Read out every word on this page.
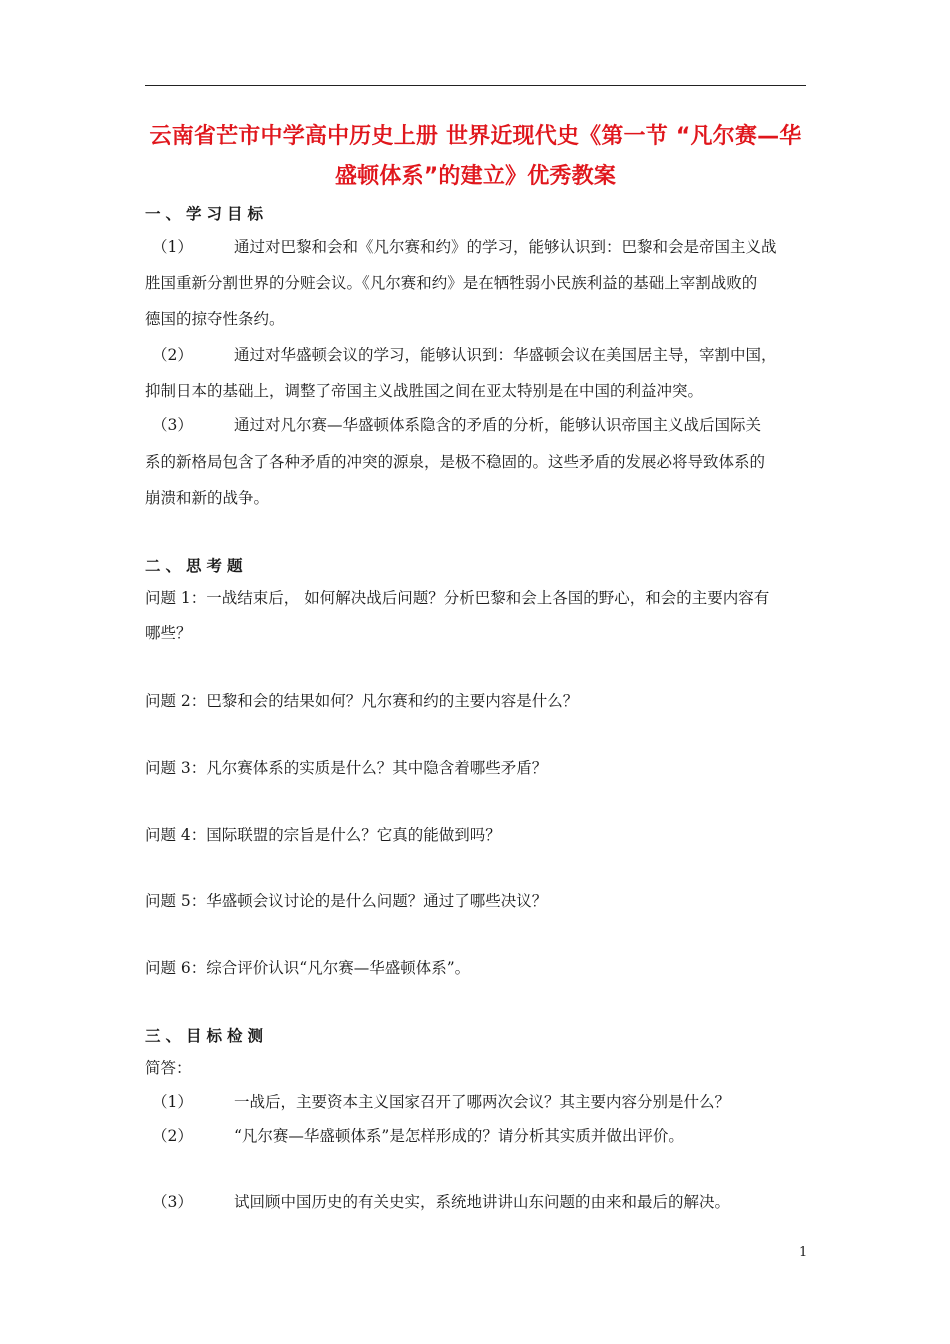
云南省芒市中学高中历史上册 世界近现代史《第一节 “凡尔赛—华
盛顿体系”的建立》优秀教案
一、学习目标
（1）	通过对巴黎和会和《凡尔赛和约》的学习，能够认识到：巴黎和会是帝国主义战
胜国重新分割世界的分赃会议。《凡尔赛和约》是在牺牲弱小民族利益的基础上宰割战败的
德国的掠夺性条约。
（2）	通过对华盛顿会议的学习，能够认识到：华盛顿会议在美国居主导，宰割中国，
抑制日本的基础上，调整了帝国主义战胜国之间在亚太特别是在中国的利益冲突。
（3）	通过对凡尔赛—华盛顿体系隐含的矛盾的分析，能够认识帝国主义战后国际关
系的新格局包含了各种矛盾的冲突的源泉，是极不稳固的。这些矛盾的发展必将导致体系的
崩溃和新的战争。
二、思考题
问题 1：一战结束后， 如何解决战后问题？分析巴黎和会上各国的野心，和会的主要内容有
哪些？
问题 2：巴黎和会的结果如何？凡尔赛和约的主要内容是什么？
问题 3：凡尔赛体系的实质是什么？其中隐含着哪些矛盾？
问题 4：国际联盟的宗旨是什么？它真的能做到吗？
问题 5：华盛顿会议讨论的是什么问题？通过了哪些决议？
问题 6：综合评价认识“凡尔赛—华盛顿体系”。
三、目标检测
简答：
（1）	一战后，主要资本主义国家召开了哪两次会议？其主要内容分别是什么？
（2）	“凡尔赛—华盛顿体系”是怎样形成的？请分析其实质并做出评价。
（3）	试回顾中国历史的有关史实，系统地讲讲山东问题的由来和最后的解决。
1
